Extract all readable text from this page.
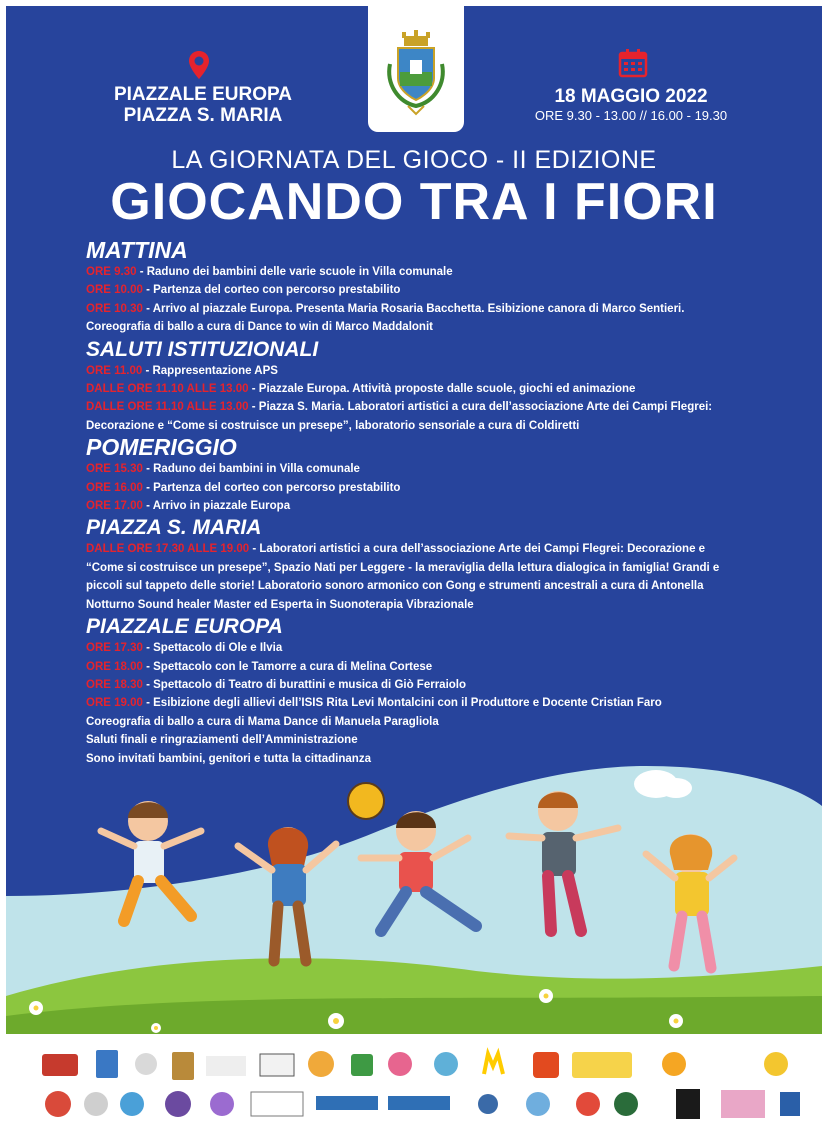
PIAZZALE EUROPA
PIAZZA S. MARIA
18 MAGGIO 2022
ORE 9.30 - 13.00 // 16.00 - 19.30
LA GIORNATA DEL GIOCO - II EDIZIONE
GIOCANDO TRA I FIORI
MATTINA
ORE 9.30 - Raduno dei bambini delle varie scuole in Villa comunale
ORE 10.00 - Partenza del corteo con percorso prestabilito
ORE 10.30 - Arrivo al piazzale Europa. Presenta Maria Rosaria Bacchetta. Esibizione canora di Marco Sentieri.
Coreografia di ballo a cura di Dance to win di Marco Maddalonit
SALUTI ISTITUZIONALI
ORE 11.00 - Rappresentazione APS
DALLE ORE 11.10 ALLE 13.00 - Piazzale Europa. Attività proposte dalle scuole, giochi ed animazione
DALLE ORE 11.10 ALLE 13.00 - Piazza S. Maria. Laboratori artistici a cura dell’associazione Arte dei Campi Flegrei:
Decorazione e “Come si costruisce un presepe”, laboratorio sensoriale a cura di Coldiretti
POMERIGGIO
ORE 15.30 - Raduno dei bambini in Villa comunale
ORE 16.00 - Partenza del corteo con percorso prestabilito
ORE 17.00 - Arrivo in piazzale Europa
PIAZZA S. MARIA
DALLE ORE 17.30 ALLE 19.00 - Laboratori artistici a cura dell’associazione Arte dei Campi Flegrei: Decorazione e
“Come si costruisce un presepe”, Spazio Nati per Leggere - la meraviglia della lettura dialogica in famiglia! Grandi e
piccoli sul tappeto delle storie! Laboratorio sonoro armonico con Gong e strumenti ancestrali a cura di Antonella
Notturno Sound healer Master ed Esperta in Suonoterapia Vibrazionale
PIAZZALE EUROPA
ORE 17.30 - Spettacolo di Ole e Ilvia
ORE 18.00 - Spettacolo con le Tamorre a cura di Melina Cortese
ORE 18.30 - Spettacolo di Teatro di burattini e musica di Giò Ferraiolo
ORE 19.00 - Esibizione degli allievi dell’ISIS Rita Levi Montalcini con il Produttore e Docente Cristian Faro
Coreografia di ballo a cura di Mama Dance di Manuela Paragliola
Saluti finali e ringraziamenti dell’Amministrazione
Sono invitati bambini, genitori e tutta la cittadinanza
